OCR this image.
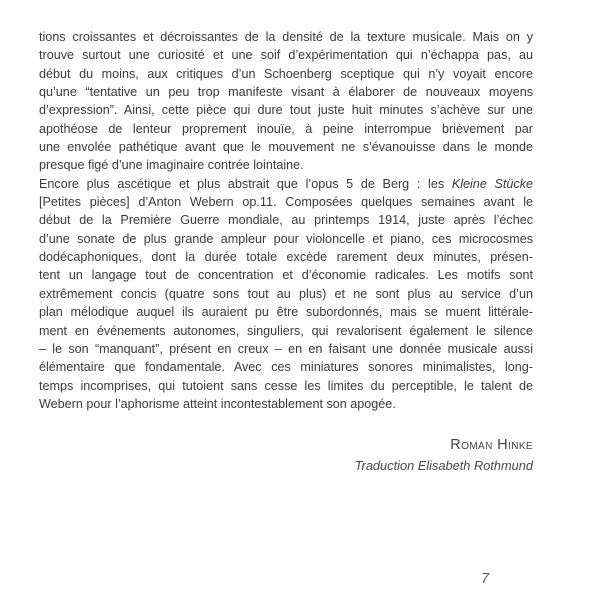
tions croissantes et décroissantes de la densité de la texture musicale. Mais on y

trouve surtout une curiosité et une soif d’expérimentation qui n’échappa pas, au

début du moins, aux critiques d’un Schoenberg sceptique qui n’y voyait encore

qu’une “tentative un peu trop manifeste visant à élaborer de nouveaux moyens

d’expression”. Ainsi, cette pièce qui dure tout juste huit minutes s’achève sur une

apothéose de lenteur proprement inouïe, à peine interrompue brièvement par

une envolée pathétique avant que le mouvement ne s’évanouisse dans le monde

presque figé d’une imaginaire contrée lointaine.

Encore plus ascétique et plus abstrait que l’opus 5 de Berg : les Kleine Stücke

[Petites pièces] d’Anton Webern op.11. Composées quelques semaines avant le

début de la Première Guerre mondiale, au printemps 1914, juste après l’échec

d’une sonate de plus grande ampleur pour violoncelle et piano, ces microcosmes

dodécaphoniques, dont la durée totale excède rarement deux minutes, présen-

tent un langage tout de concentration et d’économie radicales. Les motifs sont

extrêmement concis (quatre sons tout au plus) et ne sont plus au service d’un

plan mélodique auquel ils auraient pu être subordonnés, mais se muent littérale-

ment en événements autonomes, singuliers, qui revalorisent également le silence

– le son “manquant”, présent en creux – en en faisant une donnée musicale aussi

élémentaire que fondamentale. Avec ces miniatures sonores minimalistes, long-

temps incomprises, qui tutoient sans cesse les limites du perceptible, le talent de

Webern pour l’aphorisme atteint incontestablement son apogée.

Roman Hinke
Traduction Elisabeth Rothmund
7
